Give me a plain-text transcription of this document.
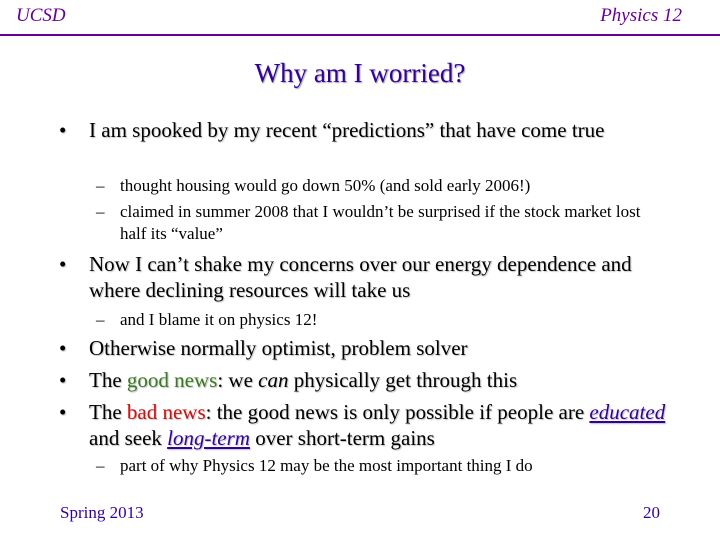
UCSD	Physics 12
Why am I worried?
• I am spooked by my recent “predictions” that have come true
– thought housing would go down 50% (and sold early 2006!)
– claimed in summer 2008 that I wouldn’t be surprised if the stock market lost half its “value”
• Now I can’t shake my concerns over our energy dependence and where declining resources will take us
– and I blame it on physics 12!
• Otherwise normally optimist, problem solver
• The good news: we can physically get through this
• The bad news: the good news is only possible if people are educated and seek long-term over short-term gains
– part of why Physics 12 may be the most important thing I do
Spring 2013	20
